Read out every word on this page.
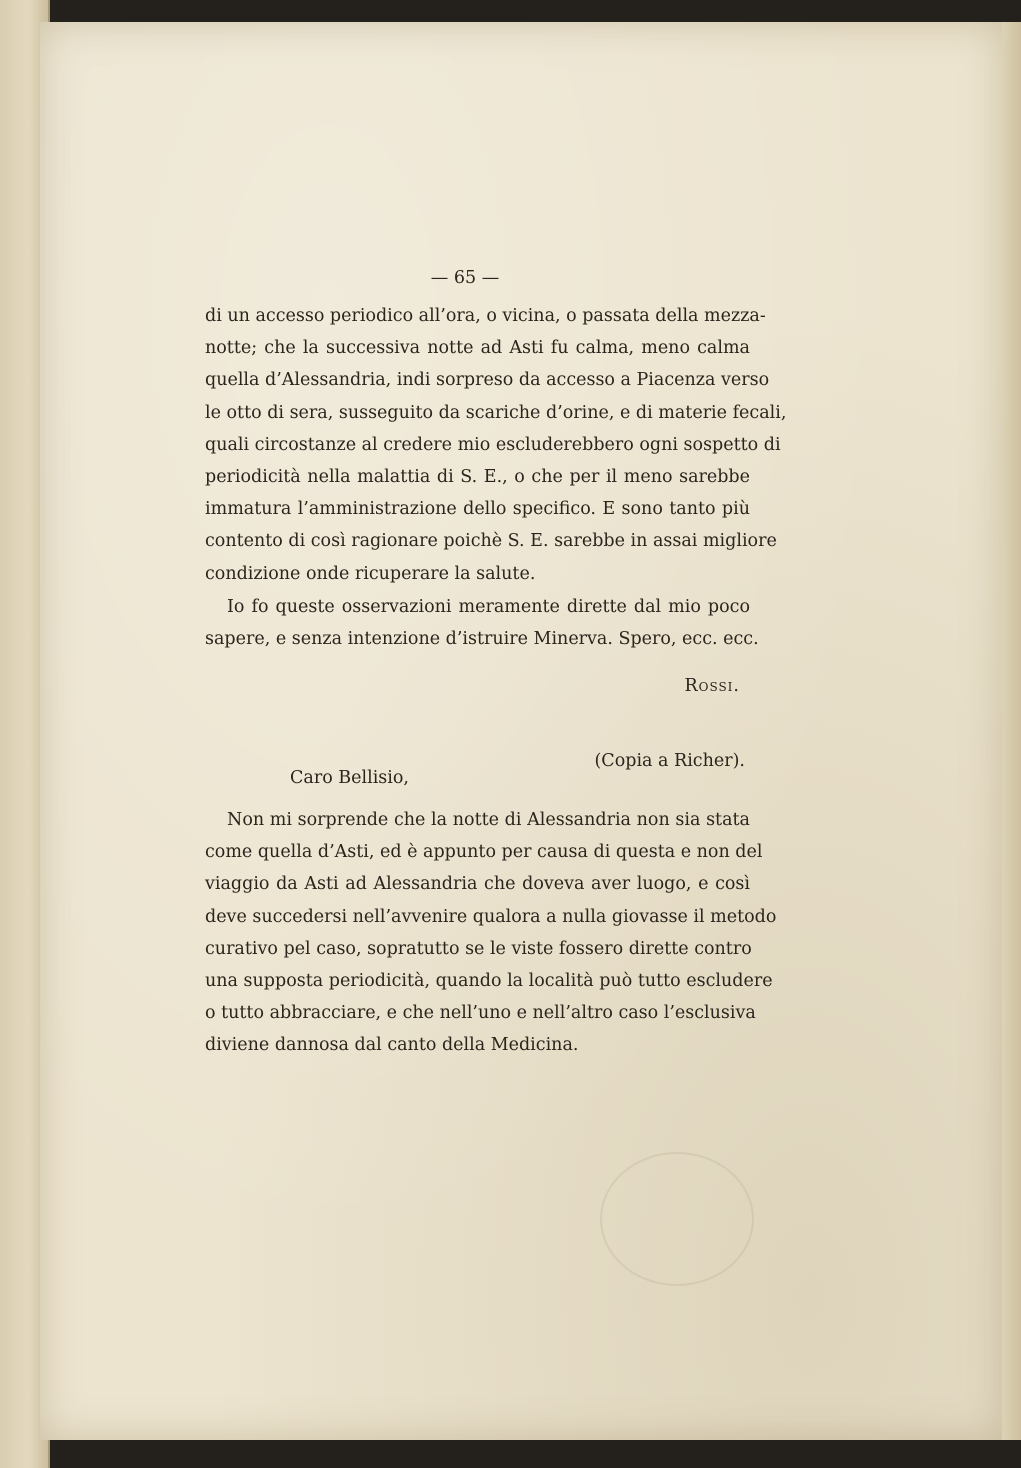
— 65 —
di un accesso periodico all’ora, o vicina, o passata della mezza-
notte; che la successiva notte ad Asti fu calma, meno calma
quella d’Alessandria, indi sorpreso da accesso a Piacenza verso
le otto di sera, susseguito da scariche d’orine, e di materie fecali,
quali circostanze al credere mio escluderebbero ogni sospetto di
periodicità nella malattia di S. E., o che per il meno sarebbe
immatura l’amministrazione dello specifico. E sono tanto più
contento di così ragionare poichè S. E. sarebbe in assai migliore
condizione onde ricuperare la salute.
Io fo queste osservazioni meramente dirette dal mio poco
sapere, e senza intenzione d’istruire Minerva. Spero, ecc. ecc.
Rossi.
(Copia a Richer).
Caro Bellisio,
Non mi sorprende che la notte di Alessandria non sia stata
come quella d’Asti, ed è appunto per causa di questa e non del
viaggio da Asti ad Alessandria che doveva aver luogo, e così
deve succedersi nell’avvenire qualora a nulla giovasse il metodo
curativo pel caso, sopratutto se le viste fossero dirette contro
una supposta periodicità, quando la località può tutto escludere
o tutto abbracciare, e che nell’uno e nell’altro caso l’esclusiva
diviene dannosa dal canto della Medicina.
